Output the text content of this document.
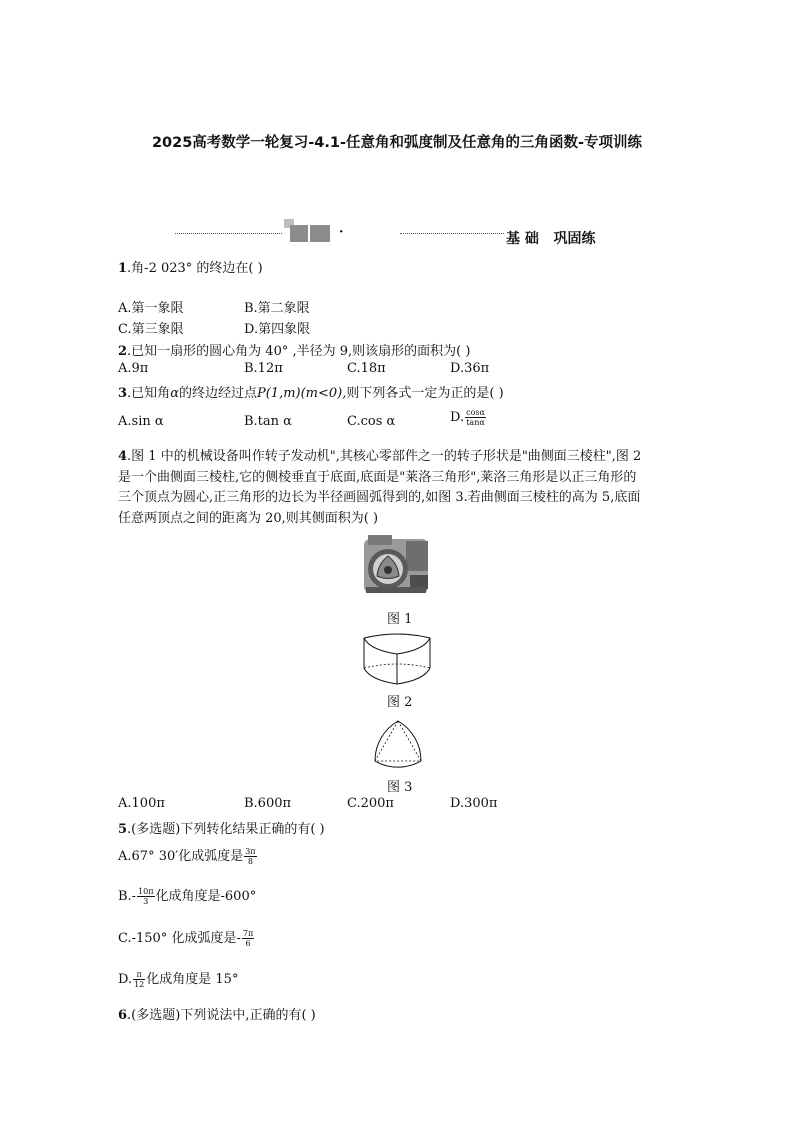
2025高考数学一轮复习-4.1-任意角和弧度制及任意角的三角函数-专项训练
·	基 础   巩固练
1.角-2 023° 的终边在( )
A.第一象限	B.第二象限
C.第三象限	D.第四象限
2.已知一扇形的圆心角为 40° ,半径为 9,则该扇形的面积为( )
A.9π	B.12π	C.18π	D.36π
3.已知角α的终边经过点P(1,m)(m<0),则下列各式一定为正的是( )
A.sin α	B.tan α	C.cos α	D. $\frac{\cos\alpha}{\tan\alpha}$
4.图 1 中的机械设备叫作转子发动机",其核心零部件之一的转子形状是"曲侧面三棱柱",图 2
是一个曲侧面三棱柱,它的侧棱垂直于底面,底面是"莱洛三角形",莱洛三角形是以正三角形的
三个顶点为圆心,正三角形的边长为半径画圆弧得到的,如图 3.若曲侧面三棱柱的高为 5,底面
任意两顶点之间的距离为 20,则其侧面积为( )
图 1
图 2
图 3
A.100π	B.600π	C.200π	D.300π
5.(多选题)下列转化结果正确的有( )
A.67° 30′化成弧度是 $\frac{3\pi}{8}$
$B.- \frac{10\pi}{3}$ 化成角度是-600°
C.-150° 化成弧度是- $\frac{7\pi}{6}$
D. $\frac{\pi}{12}$ 化成角度是 15°
6.(多选题)下列说法中,正确的有( )
